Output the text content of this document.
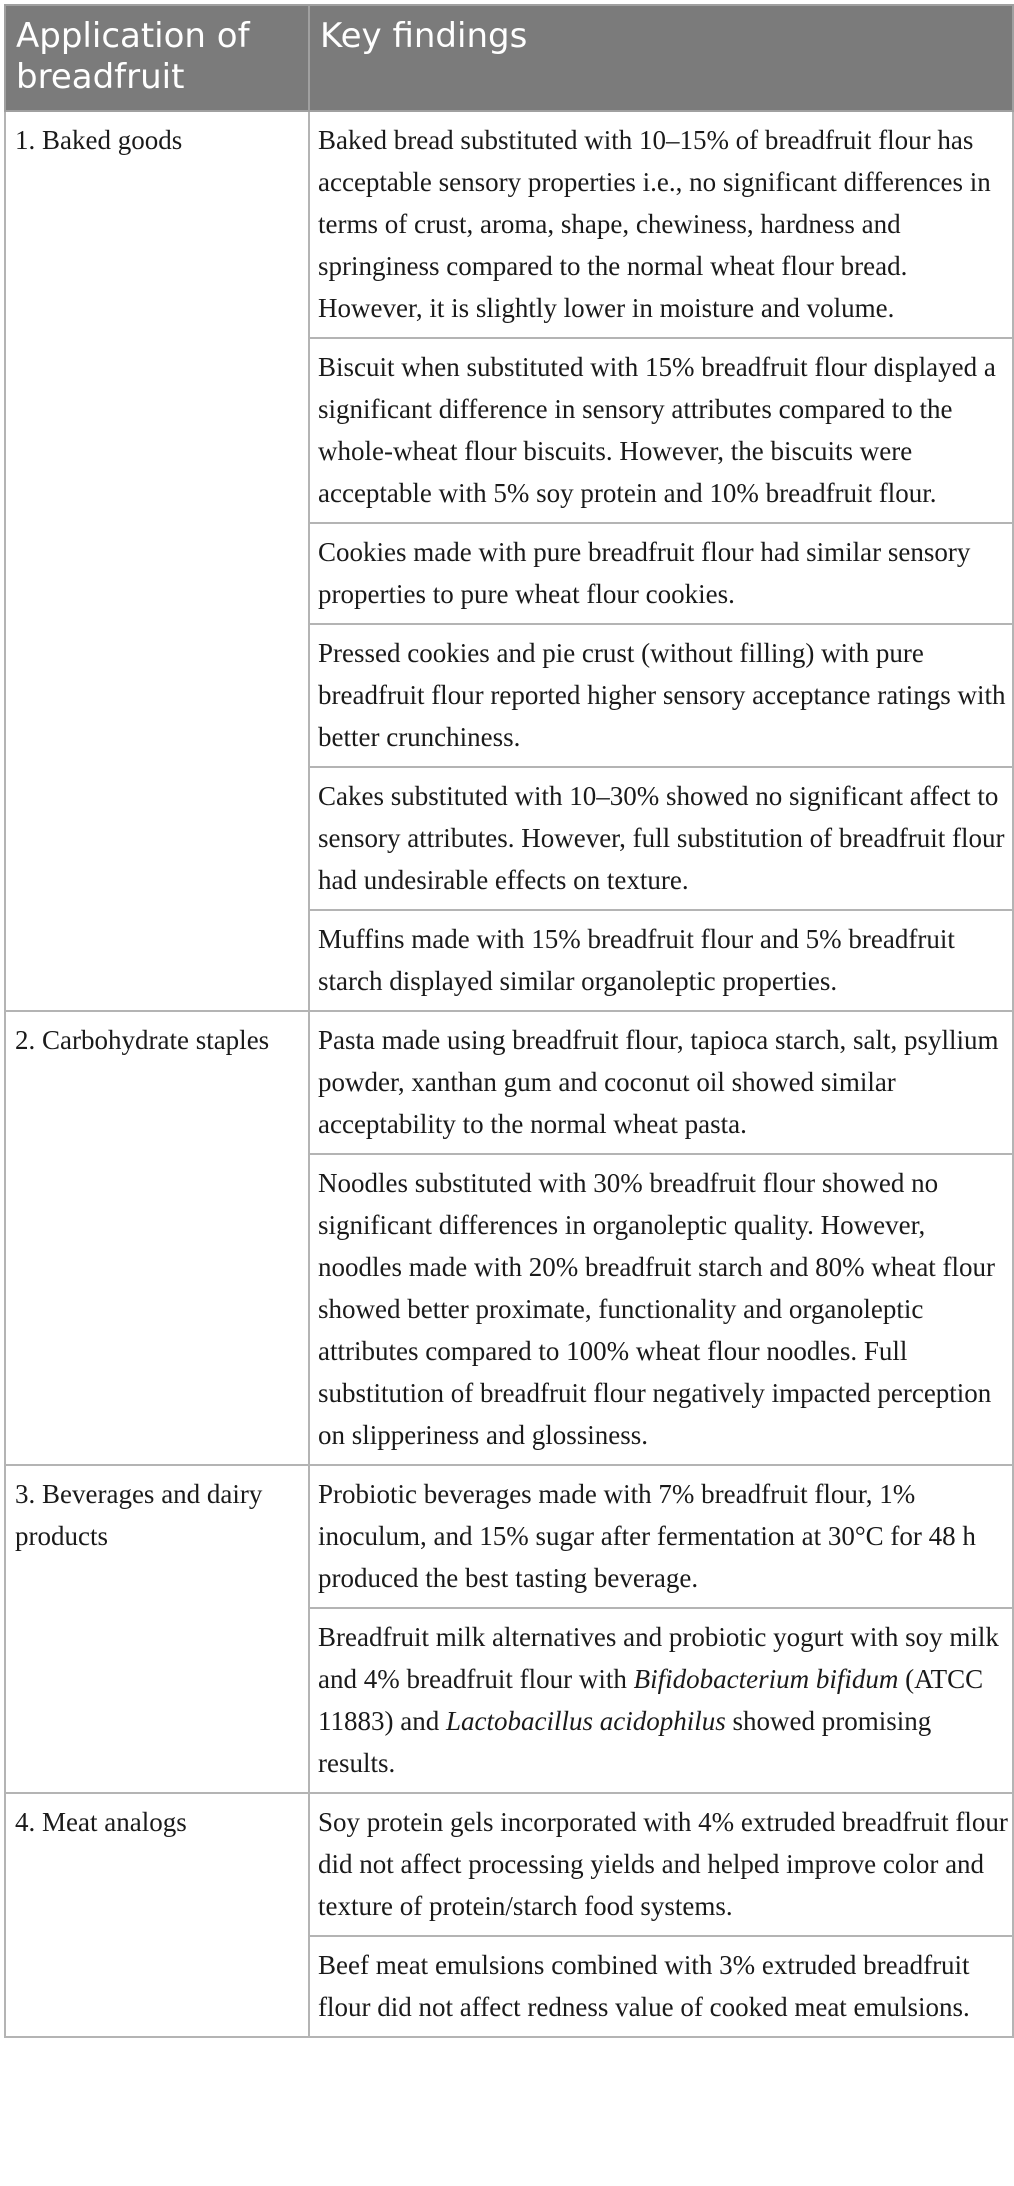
Application of breadfruit	Key findings
1. Baked goods	Baked bread substituted with 10–15% of breadfruit flour has acceptable sensory properties i.e., no significant differences in terms of crust, aroma, shape, chewiness, hardness and springiness compared to the normal wheat flour bread. However, it is slightly lower in moisture and volume.
	Biscuit when substituted with 15% breadfruit flour displayed a significant difference in sensory attributes compared to the whole-wheat flour biscuits. However, the biscuits were acceptable with 5% soy protein and 10% breadfruit flour.
	Cookies made with pure breadfruit flour had similar sensory properties to pure wheat flour cookies.
	Pressed cookies and pie crust (without filling) with pure breadfruit flour reported higher sensory acceptance ratings with better crunchiness.
	Cakes substituted with 10–30% showed no significant affect to sensory attributes. However, full substitution of breadfruit flour had undesirable effects on texture.
	Muffins made with 15% breadfruit flour and 5% breadfruit starch displayed similar organoleptic properties.
2. Carbohydrate staples	Pasta made using breadfruit flour, tapioca starch, salt, psyllium powder, xanthan gum and coconut oil showed similar acceptability to the normal wheat pasta.
	Noodles substituted with 30% breadfruit flour showed no significant differences in organoleptic quality. However, noodles made with 20% breadfruit starch and 80% wheat flour showed better proximate, functionality and organoleptic attributes compared to 100% wheat flour noodles. Full substitution of breadfruit flour negatively impacted perception on slipperiness and glossiness.
3. Beverages and dairy products	Probiotic beverages made with 7% breadfruit flour, 1% inoculum, and 15% sugar after fermentation at 30°C for 48 h produced the best tasting beverage.
	Breadfruit milk alternatives and probiotic yogurt with soy milk and 4% breadfruit flour with Bifidobacterium bifidum (ATCC 11883) and Lactobacillus acidophilus showed promising results.
4. Meat analogs	Soy protein gels incorporated with 4% extruded breadfruit flour did not affect processing yields and helped improve color and texture of protein/starch food systems.
	Beef meat emulsions combined with 3% extruded breadfruit flour did not affect redness value of cooked meat emulsions.
